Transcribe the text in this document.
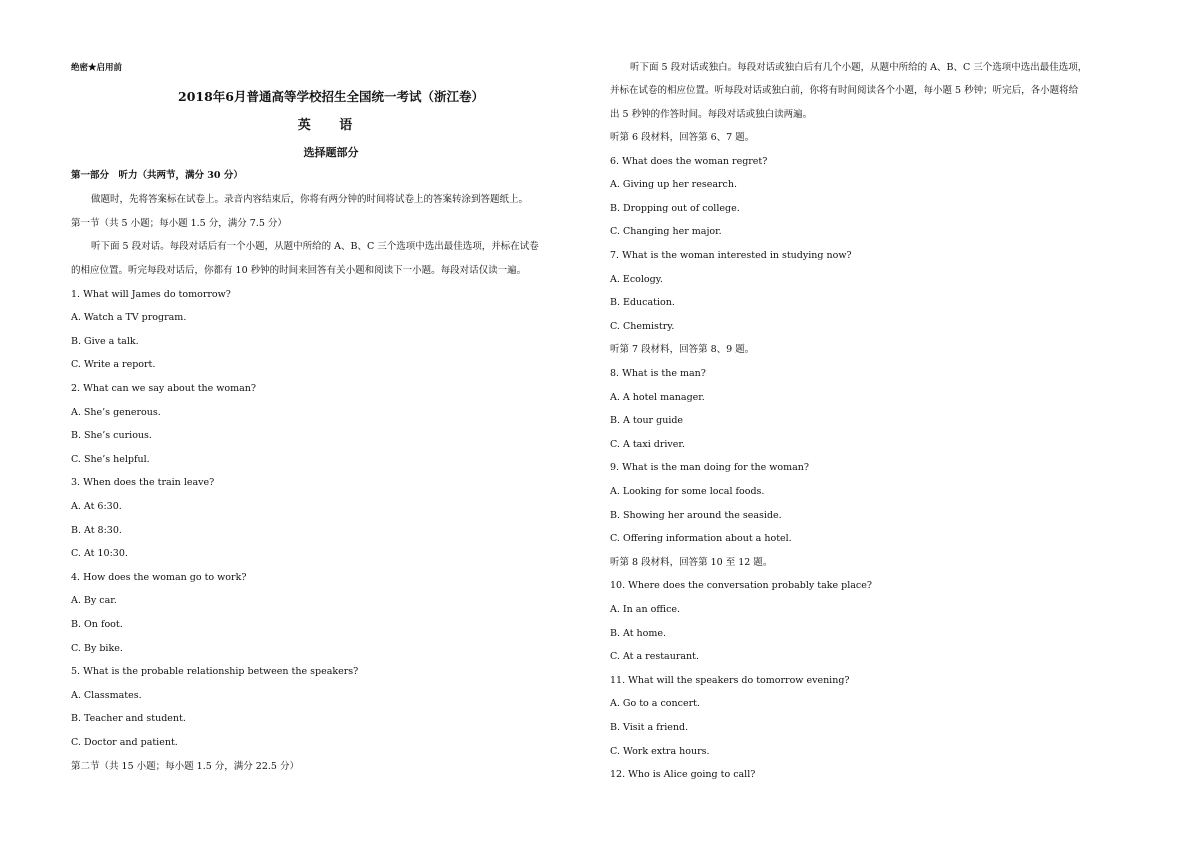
绝密★启用前
2018年6月普通高等学校招生全国统一考试（浙江卷）
英 语
选择题部分
第一部分　听力（共两节，满分 30 分）
做题时，先将答案标在试卷上。录音内容结束后，你将有两分钟的时间将试卷上的答案转涂到答题纸上。
第一节（共 5 小题；每小题 1.5 分，满分 7.5 分）
听下面 5 段对话。每段对话后有一个小题，从题中所给的 A、B、C 三个选项中选出最佳选项，并标在试卷
的相应位置。听完每段对话后，你都有 10 秒钟的时间来回答有关小题和阅读下一小题。每段对话仅读一遍。
1. What will James do tomorrow?
A. Watch a TV program.
B. Give a talk.
C. Write a report.
2. What can we say about the woman?
A. She’s generous.
B. She’s curious.
C. She’s helpful.
3. When does the train leave?
A. At 6:30.
B. At 8:30.
C. At 10:30.
4. How does the woman go to work?
A. By car.
B. On foot.
C. By bike.
5. What is the probable relationship between the speakers?
A. Classmates.
B. Teacher and student.
C. Doctor and patient.
第二节（共 15 小题；每小题 1.5 分，满分 22.5 分）
听下面 5 段对话或独白。每段对话或独白后有几个小题，从题中所给的 A、B、C 三个选项中选出最佳选项，
并标在试卷的相应位置。听每段对话或独白前，你将有时间阅读各个小题，每小题 5 秒钟；听完后，各小题将给
出 5 秒钟的作答时间。每段对话或独白读两遍。
听第 6 段材料，回答第 6、7 题。
6. What does the woman regret?
A. Giving up her research.
B. Dropping out of college.
C. Changing her major.
7. What is the woman interested in studying now?
A. Ecology.
B. Education.
C. Chemistry.
听第 7 段材料，回答第 8、9 题。
8. What is the man?
A. A hotel manager.
B. A tour guide
C. A taxi driver.
9. What is the man doing for the woman?
A. Looking for some local foods.
B. Showing her around the seaside.
C. Offering information about a hotel.
听第 8 段材料，回答第 10 至 12 题。
10. Where does the conversation probably take place?
A. In an office.
B. At home.
C. At a restaurant.
11. What will the speakers do tomorrow evening?
A. Go to a concert.
B. Visit a friend.
C. Work extra hours.
12. Who is Alice going to call?
